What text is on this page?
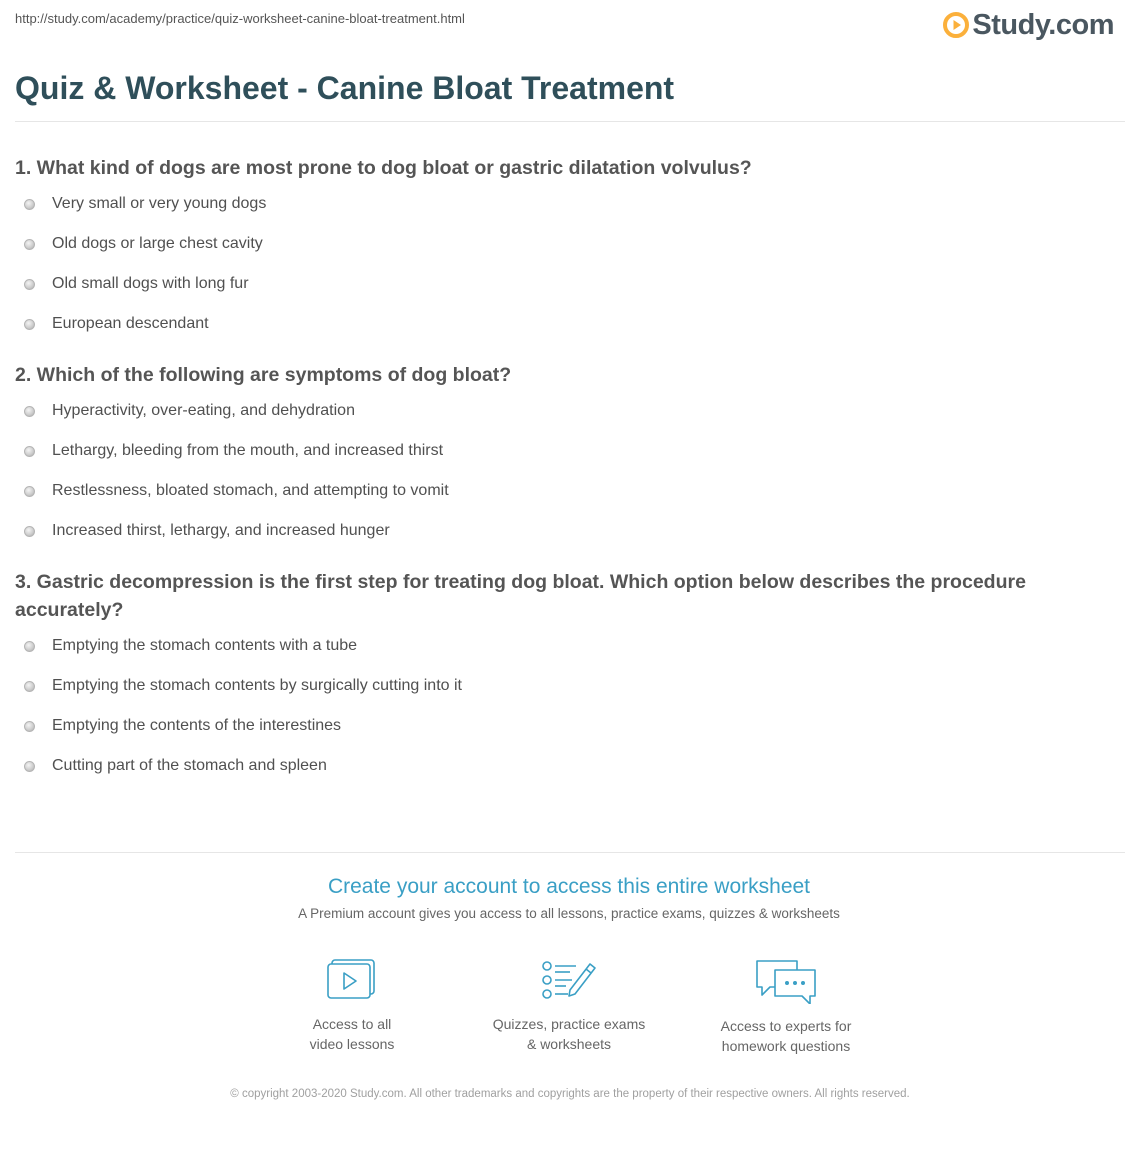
http://study.com/academy/practice/quiz-worksheet-canine-bloat-treatment.html	Study.com
Quiz & Worksheet - Canine Bloat Treatment

1. What kind of dogs are most prone to dog bloat or gastric dilatation volvulus?

Very small or very young dogs
Old dogs or large chest cavity
Old small dogs with long fur
European descendant

2. Which of the following are symptoms of dog bloat?

Hyperactivity, over-eating, and dehydration
Lethargy, bleeding from the mouth, and increased thirst
Restlessness, bloated stomach, and attempting to vomit
Increased thirst, lethargy, and increased hunger

3. Gastric decompression is the first step for treating dog bloat. Which option below describes the procedure accurately?

Emptying the stomach contents with a tube
Emptying the stomach contents by surgically cutting into it
Emptying the contents of the interestines
Cutting part of the stomach and spleen
Create your account to access this entire worksheet
A Premium account gives you access to all lessons, practice exams, quizzes & worksheets
Access to all
video lessons
Quizzes, practice exams
& worksheets
Access to experts for
homework questions
© copyright 2003-2020 Study.com. All other trademarks and copyrights are the property of their respective owners. All rights reserved.
